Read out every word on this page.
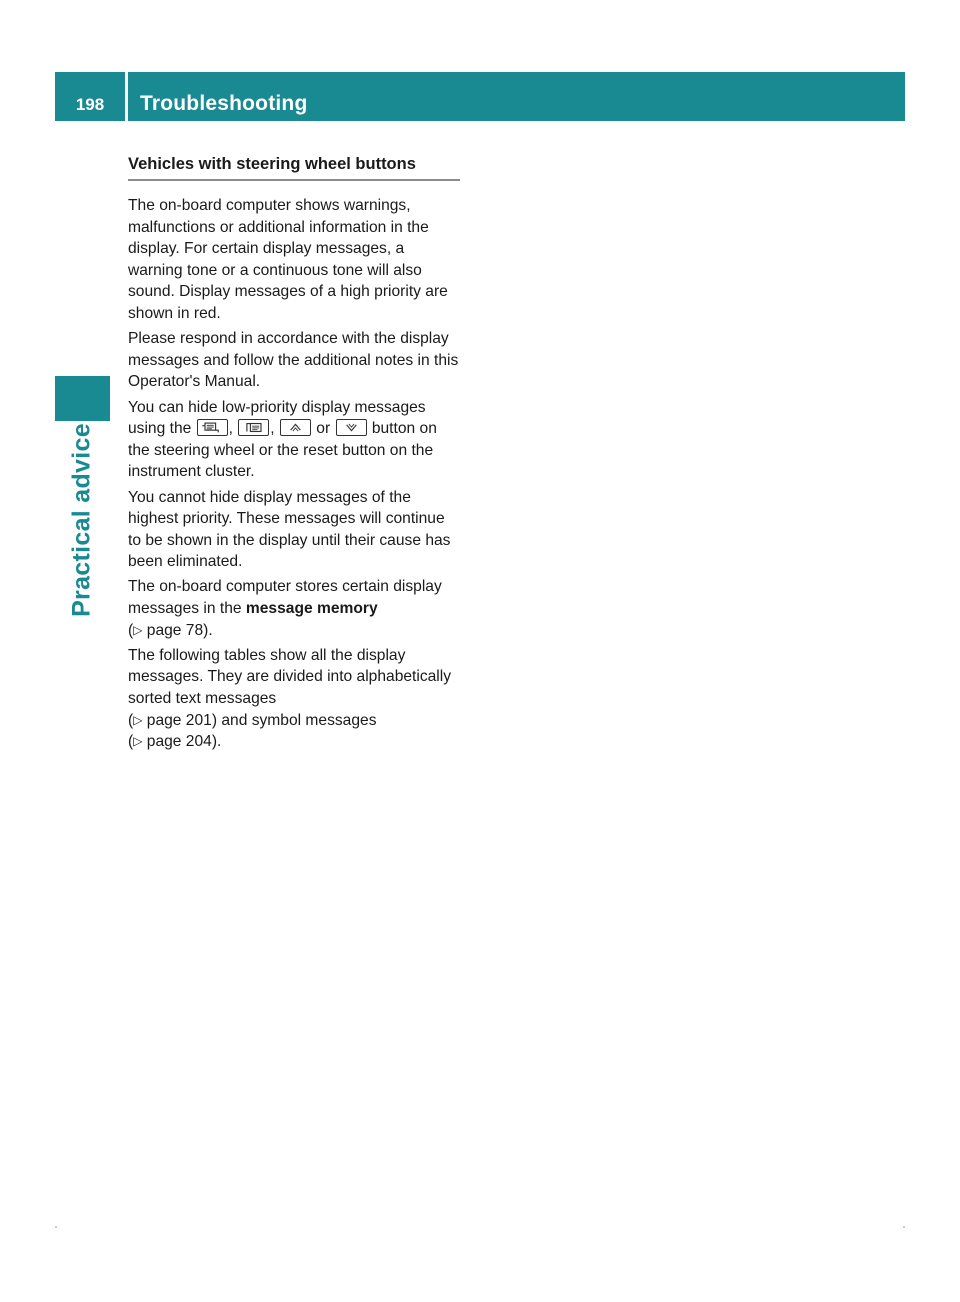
198	Troubleshooting
Practical advice
Vehicles with steering wheel buttons

The on-board computer shows warnings, malfunctions or additional information in the display. For certain display messages, a warning tone or a continuous tone will also sound. Display messages of a high priority are shown in red.

Please respond in accordance with the display messages and follow the additional notes in this Operator's Manual.

You can hide low-priority display messages using the
,
,
or
button on the steering wheel or the reset button on the instrument cluster.

You cannot hide display messages of the highest priority. These messages will continue to be shown in the display until their cause has been eliminated.

The on-board computer stores certain display messages in the message memory
(▷ page 78).

The following tables show all the display messages. They are divided into alphabetically sorted text messages
(▷ page 201) and symbol messages
(▷ page 204).
